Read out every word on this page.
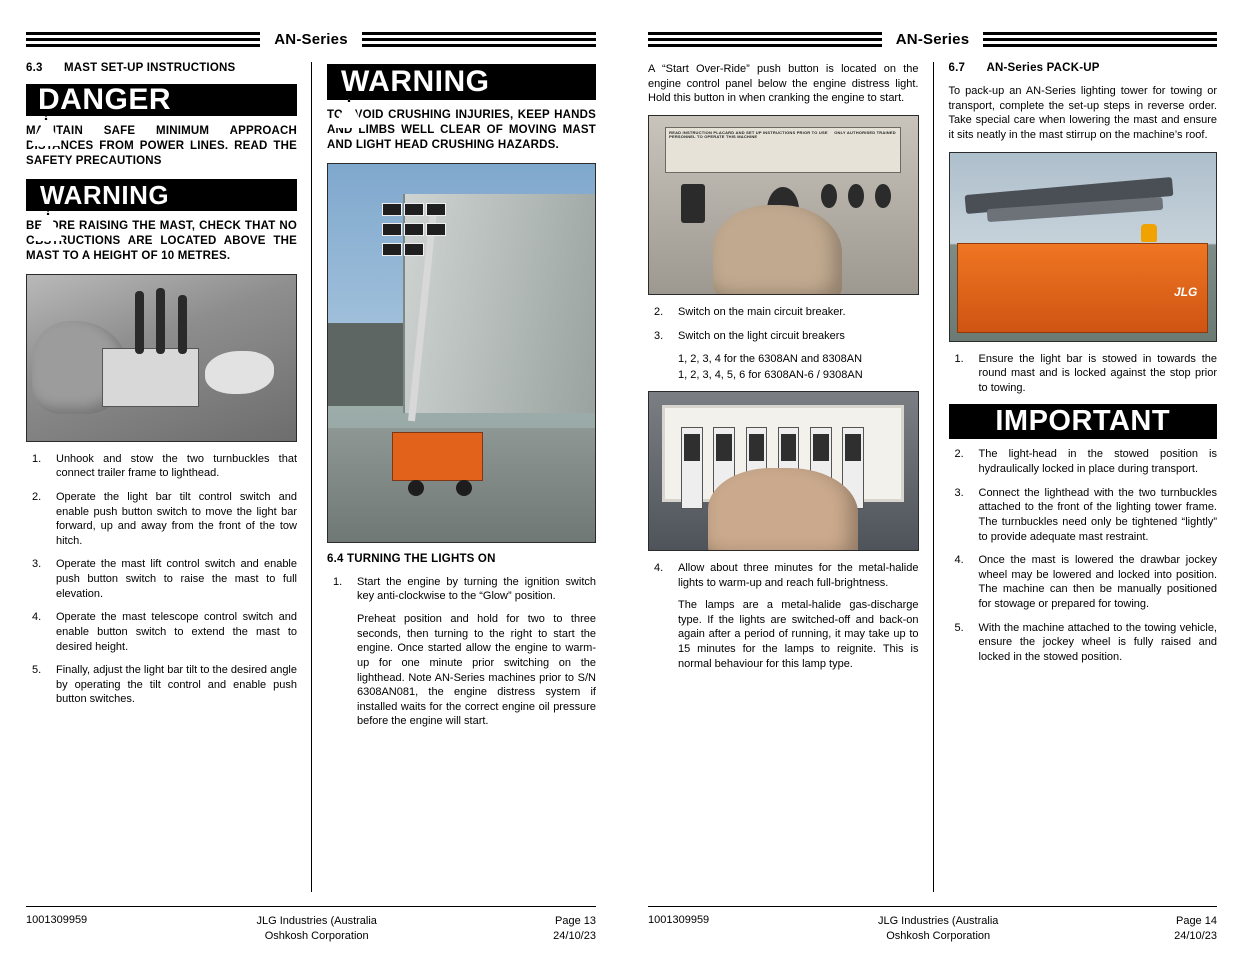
AN-Series
6.3 MAST SET-UP INSTRUCTIONS
!
DANGER
MAINTAIN SAFE MINIMUM APPROACH DISTANCES FROM POWER LINES. READ THE SAFETY PRECAUTIONS
!
WARNING
BEFORE RAISING THE MAST, CHECK THAT NO OBSTRUCTIONS ARE LOCATED ABOVE THE MAST TO A HEIGHT OF 10 METRES.
1. Unhook and stow the two turnbuckles that connect trailer frame to lighthead.
2. Operate the light bar tilt control switch and enable push button switch to move the light bar forward, up and away from the front of the tow hitch.
3. Operate the mast lift control switch and enable push button switch to raise the mast to full elevation.
4. Operate the mast telescope control switch and enable button switch to extend the mast to desired height.
5. Finally, adjust the light bar tilt to the desired angle by operating the tilt control and enable push button switches.
!
WARNING
TO AVOID CRUSHING INJURIES, KEEP HANDS AND LIMBS WELL CLEAR OF MOVING MAST AND LIGHT HEAD CRUSHING HAZARDS.
6.4 TURNING THE LIGHTS ON
1. Start the engine by turning the ignition switch key anti-clockwise to the “Glow” position.

Preheat position and hold for two to three seconds, then turning to the right to start the engine. Once started allow the engine to warm-up for one minute prior switching on the lighthead. Note AN-Series machines prior to S/N 6308AN081, the engine distress system if installed waits for the correct engine oil pressure before the engine will start.

1001309959	JLG Industries (Australia
Oshkosh Corporation
Page 13
24/10/23
AN-Series

A “Start Over-Ride” push button is located on the engine control panel below the engine distress light. Hold this button in when cranking the engine to start.

READ INSTRUCTION PLACARD AND SET UP INSTRUCTIONS PRIOR TO USE     ONLY AUTHORISED TRAINED PERSONNEL TO OPERATE THIS MACHINE
2. Switch on the main circuit breaker.
3. Switch on the light circuit breakers
1, 2, 3, 4 for the 6308AN and 8308AN
1, 2, 3, 4, 5, 6 for 6308AN-6 / 9308AN
4. Allow about three minutes for the metal-halide lights to warm-up and reach full-brightness.

The lamps are a metal-halide gas-discharge type. If the lights are switched-off and back-on again after a period of running, it may take up to 15 minutes for the lamps to reignite. This is normal behaviour for this lamp type.

6.7 AN-Series PACK-UP

To pack-up an AN-Series lighting tower for towing or transport, complete the set-up steps in reverse order. Take special care when lowering the mast and ensure it sits neatly in the mast stirrup on the machine’s roof.

JLG
1. Ensure the light bar is stowed in towards the round mast and is locked against the stop prior to towing.
IMPORTANT
2. The light-head in the stowed position is hydraulically locked in place during transport.
3. Connect the lighthead with the two turnbuckles attached to the front of the lighting tower frame. The turnbuckles need only be tightened “lightly” to provide adequate mast restraint.
4. Once the mast is lowered the drawbar jockey wheel may be lowered and locked into position. The machine can then be manually positioned for stowage or prepared for towing.
5. With the machine attached to the towing vehicle, ensure the jockey wheel is fully raised and locked in the stowed position.
1001309959	JLG Industries (Australia
Oshkosh Corporation
Page 14
24/10/23
